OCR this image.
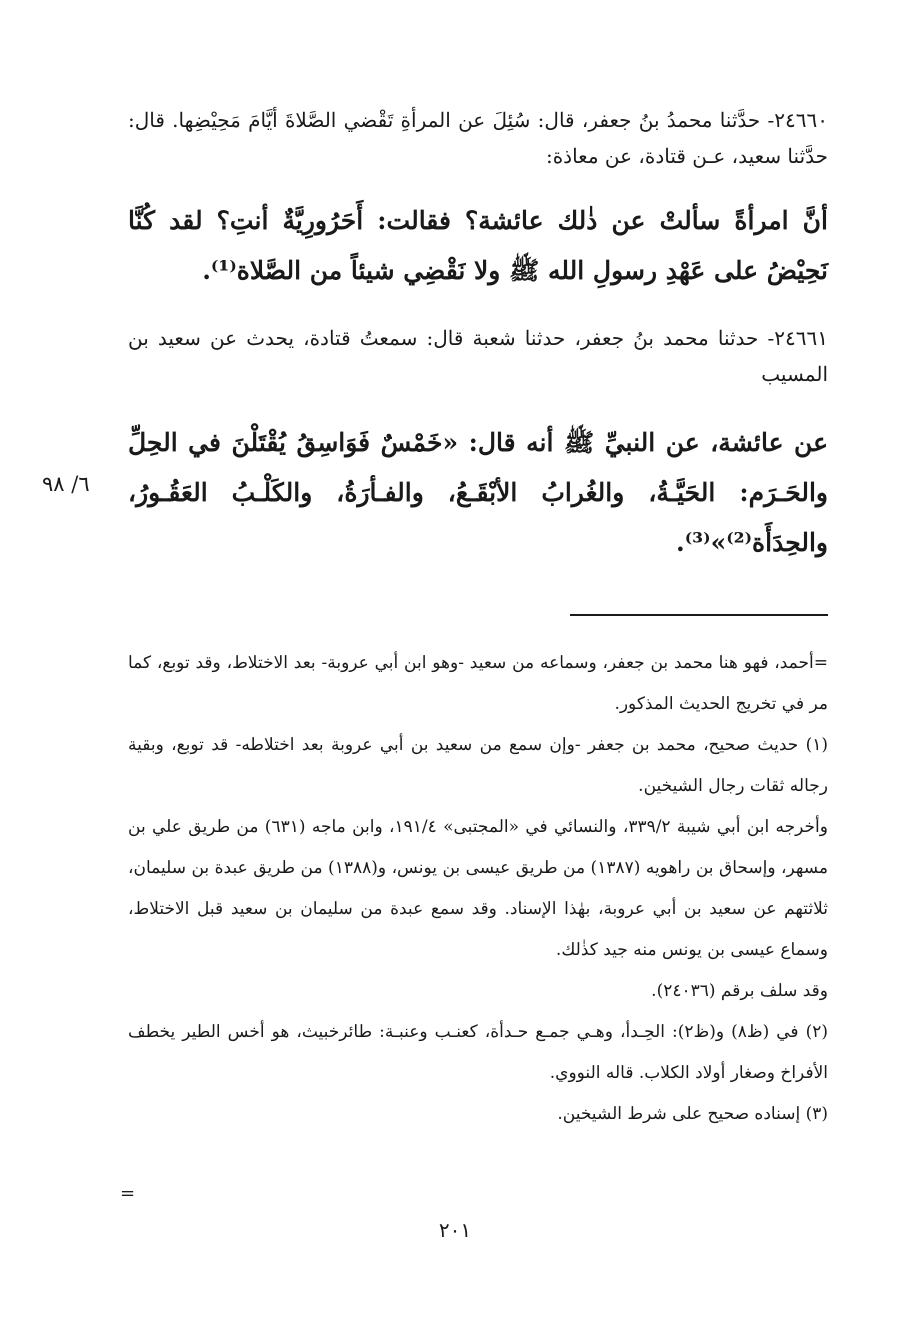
٢٤٦٦٠- حدَّثنا محمدُ بنُ جعفر، قال: سُئِلَ عن المرأةِ تَقْضي الصَّلاةَ أيَّامَ مَحِيْضِها. قال: حدَّثنا سعيد، عـن قتادة، عن معاذة:
أنَّ امرأةً سألتْ عن ذٰلك عائشة؟ فقالت: أَحَرُورِيَّةٌ أنتِ؟ لقد كُنَّا نَحِيْضُ على عَهْدِ رسولِ الله ﷺ ولا نَقْضِي شيئاً من الصَّلاة⁽¹⁾.
٢٤٦٦١- حدثنا محمد بنُ جعفر، حدثنا شعبة قال: سمعتُ قتادة، يحدث عن سعيد بن المسيب
عن عائشة، عن النبيِّ ﷺ أنه قال: «خَمْسٌ فَوَاسِقُ يُقْتَلْنَ في الحِلِّ والحَـرَم: الحَيَّـةُ، والغُرابُ الأبْقَـعُ، والفـأرَةُ، والكَلْـبُ العَقُـورُ، والحِدَأَة⁽²⁾»⁽³⁾.
٦/ ٩٨

=أحمد، فهو هنا محمد بن جعفر، وسماعه من سعيد -وهو ابن أبي عروبة- بعد الاختلاط، وقد توبع، كما مر في تخريج الحديث المذكور.

(١) حديث صحيح، محمد بن جعفر -وإن سمع من سعيد بن أبي عروبة بعد اختلاطه- قد توبع، وبقية رجاله ثقات رجال الشيخين.

وأخرجه ابن أبي شيبة ٣٣٩/٢، والنسائي في «المجتبى» ١٩١/٤، وابن ماجه (٦٣١) من طريق علي بن مسهر، وإسحاق بن راهويه (١٣٨٧) من طريق عيسى بن يونس، و(١٣٨٨) من طريق عبدة بن سليمان، ثلاثتهم عن سعيد بن أبي عروبة، بهٰذا الإسناد. وقد سمع عبدة من سليمان بن سعيد قبل الاختلاط، وسماع عيسى بن يونس منه جيد كذٰلك.

وقد سلف برقم (٢٤٠٣٦).

(٢) في (ظ٨) و(ظ٢): الحِـدأ، وهـي جمـع حـدأة، كعنـب وعنبـة: طائرخبيث، هو أخس الطير يخطف الأفراخ وصغار أولاد الكلاب. قاله النووي.

(٣) إسناده صحيح على شرط الشيخين.

=
٢٠١
